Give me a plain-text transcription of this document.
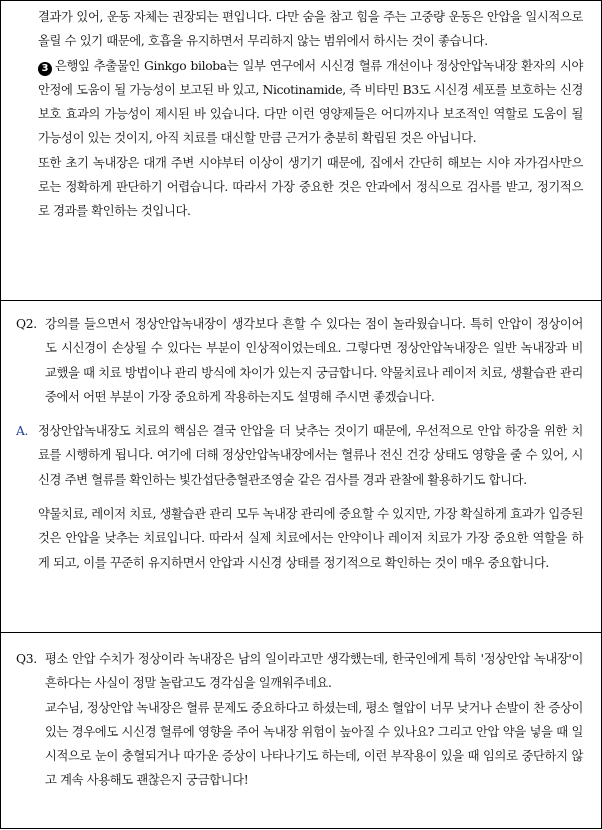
결과가 있어, 운동 자체는 권장되는 편입니다. 다만 숨을 참고 힘을 주는 고중량 운동은 안압을 일시적으로 올릴 수 있기 때문에, 호흡을 유지하면서 무리하지 않는 범위에서 하시는 것이 좋습니다.

3 은행잎 추출물인 Ginkgo biloba는 일부 연구에서 시신경 혈류 개선이나 정상안압녹내장 환자의 시야 안정에 도움이 될 가능성이 보고된 바 있고, Nicotinamide, 즉 비타민 B3도 시신경 세포를 보호하는 신경보호 효과의 가능성이 제시된 바 있습니다. 다만 이런 영양제들은 어디까지나 보조적인 역할로 도움이 될 가능성이 있는 것이지, 아직 치료를 대신할 만큼 근거가 충분히 확립된 것은 아닙니다.

또한 초기 녹내장은 대개 주변 시야부터 이상이 생기기 때문에, 집에서 간단히 해보는 시야 자가검사만으로는 정확하게 판단하기 어렵습니다. 따라서 가장 중요한 것은 안과에서 정식으로 검사를 받고, 정기적으로 경과를 확인하는 것입니다.

Q2. 강의를 들으면서 정상안압녹내장이 생각보다 흔할 수 있다는 점이 놀라웠습니다. 특히 안압이 정상이어도 시신경이 손상될 수 있다는 부분이 인상적이었는데요. 그렇다면 정상안압녹내장은 일반 녹내장과 비교했을 때 치료 방법이나 관리 방식에 차이가 있는지 궁금합니다. 약물치료나 레이저 치료, 생활습관 관리 중에서 어떤 부분이 가장 중요하게 작용하는지도 설명해 주시면 좋겠습니다.

A. 정상안압녹내장도 치료의 핵심은 결국 안압을 더 낮추는 것이기 때문에, 우선적으로 안압 하강을 위한 치료를 시행하게 됩니다. 여기에 더해 정상안압녹내장에서는 혈류나 전신 건강 상태도 영향을 줄 수 있어, 시신경 주변 혈류를 확인하는 빛간섭단층혈관조영술 같은 검사를 경과 관찰에 활용하기도 합니다.

약물치료, 레이저 치료, 생활습관 관리 모두 녹내장 관리에 중요할 수 있지만, 가장 확실하게 효과가 입증된 것은 안압을 낮추는 치료입니다. 따라서 실제 치료에서는 안약이나 레이저 치료가 가장 중요한 역할을 하게 되고, 이를 꾸준히 유지하면서 안압과 시신경 상태를 정기적으로 확인하는 것이 매우 중요합니다.

Q3. 평소 안압 수치가 정상이라 녹내장은 남의 일이라고만 생각했는데, 한국인에게 특히 '정상안압 녹내장'이 흔하다는 사실이 정말 놀랍고도 경각심을 일깨워주네요.

교수님, 정상안압 녹내장은 혈류 문제도 중요하다고 하셨는데, 평소 혈압이 너무 낮거나 손발이 찬 증상이 있는 경우에도 시신경 혈류에 영향을 주어 녹내장 위험이 높아질 수 있나요? 그리고 안압 약을 넣을 때 일시적으로 눈이 충혈되거나 따가운 증상이 나타나기도 하는데, 이런 부작용이 있을 때 임의로 중단하지 않고 계속 사용해도 괜찮은지 궁금합니다!
